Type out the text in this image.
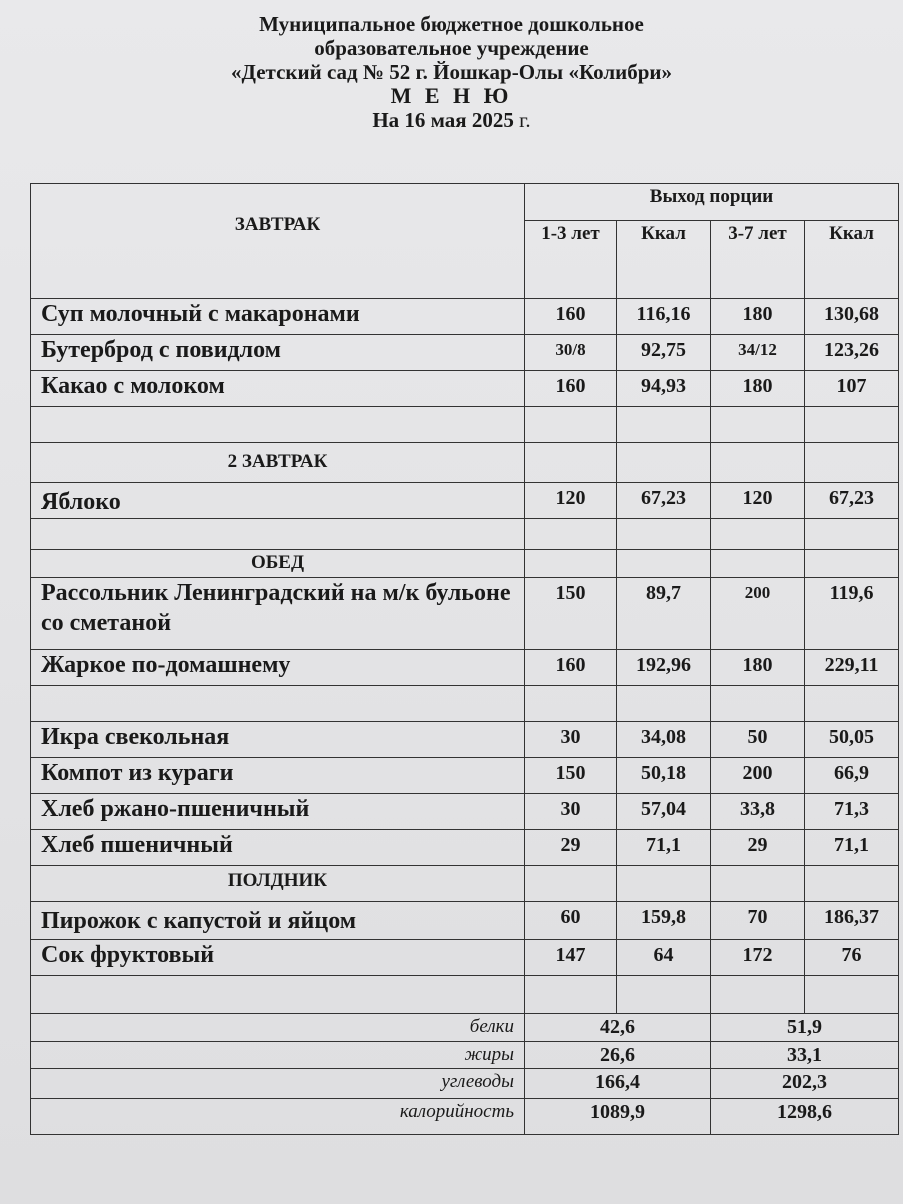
Муниципальное бюджетное дошкольное
образовательное учреждение
«Детский сад № 52 г. Йошкар-Олы «Колибри»
М Е Н Ю
На 16 мая 2025 г.
ЗАВТРАК	Выход порции			
	1-3 лет	Ккал	3-7 лет	Ккал
Суп молочный с макаронами	160	116,16	180	130,68
Бутерброд с повидлом	30/8	92,75	34/12	123,26
Какао с молоком	160	94,93	180	107

2 ЗАВТРАК				
Яблоко	120	67,23	120	67,23

ОБЕД				
Рассольник Ленинградский на м/к бульоне со сметаной	150	89,7	200	119,6
Жаркое по-домашнему	160	192,96	180	229,11

Икра свекольная	30	34,08	50	50,05
Компот из кураги	150	50,18	200	66,9
Хлеб ржано-пшеничный	30	57,04	33,8	71,3
Хлеб пшеничный	29	71,1	29	71,1
ПОЛДНИК				
Пирожок с капустой и яйцом	60	159,8	70	186,37
Сок фруктовый	147	64	172	76

белки	42,6		51,9	
жиры	26,6		33,1	
углеводы	166,4		202,3	
калорийность	1089,9		1298,6	
